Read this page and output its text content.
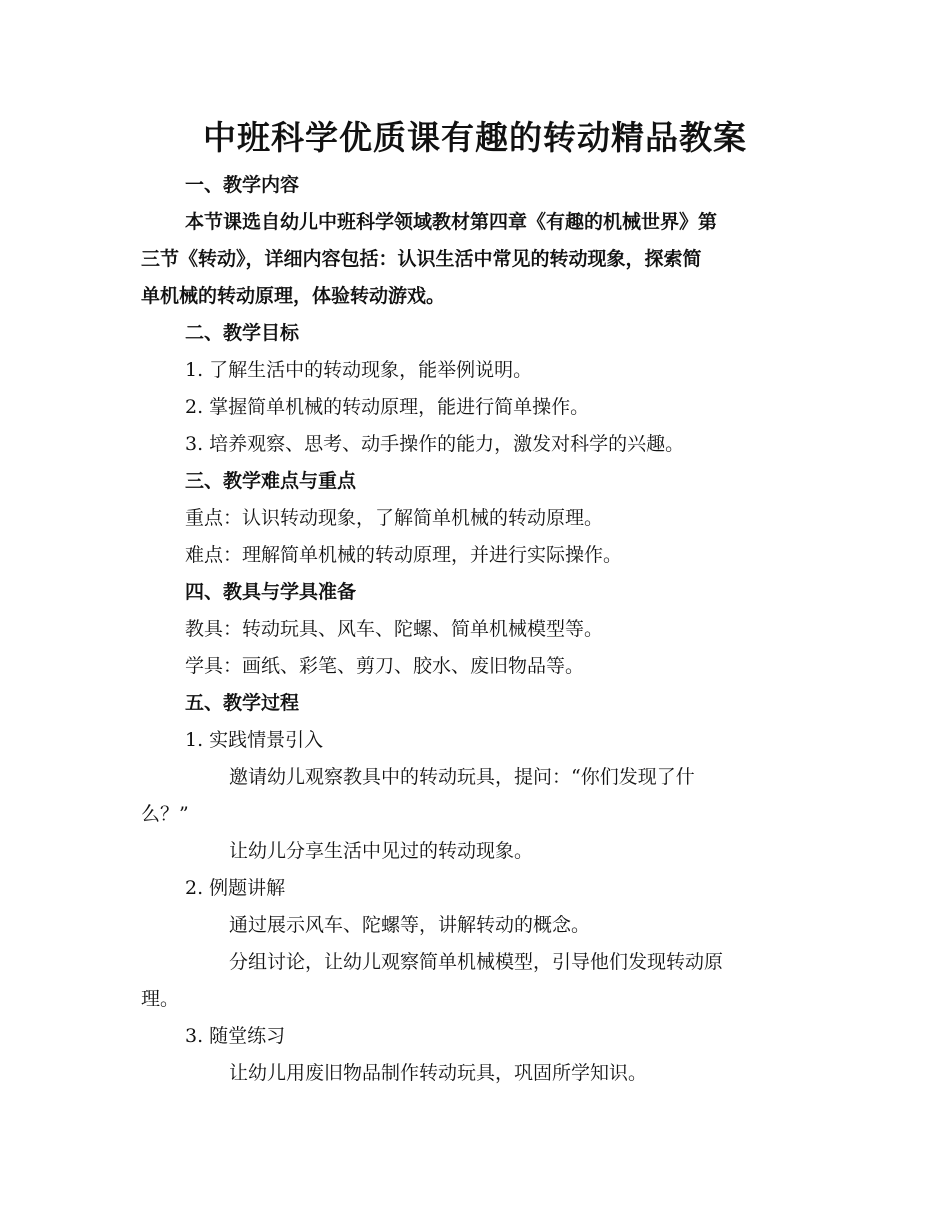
中班科学优质课有趣的转动精品教案
一、教学内容
本节课选自幼儿中班科学领域教材第四章《有趣的机械世界》第
三节《转动》，详细内容包括：认识生活中常见的转动现象，探索简
单机械的转动原理，体验转动游戏。
二、教学目标
1. 了解生活中的转动现象，能举例说明。
2. 掌握简单机械的转动原理，能进行简单操作。
3. 培养观察、思考、动手操作的能力，激发对科学的兴趣。
三、教学难点与重点
重点：认识转动现象，了解简单机械的转动原理。
难点：理解简单机械的转动原理，并进行实际操作。
四、教具与学具准备
教具：转动玩具、风车、陀螺、简单机械模型等。
学具：画纸、彩笔、剪刀、胶水、废旧物品等。
五、教学过程
1. 实践情景引入
邀请幼儿观察教具中的转动玩具，提问：“你们发现了什
么？”
让幼儿分享生活中见过的转动现象。
2. 例题讲解
通过展示风车、陀螺等，讲解转动的概念。
分组讨论，让幼儿观察简单机械模型，引导他们发现转动原
理。
3. 随堂练习
让幼儿用废旧物品制作转动玩具，巩固所学知识。
